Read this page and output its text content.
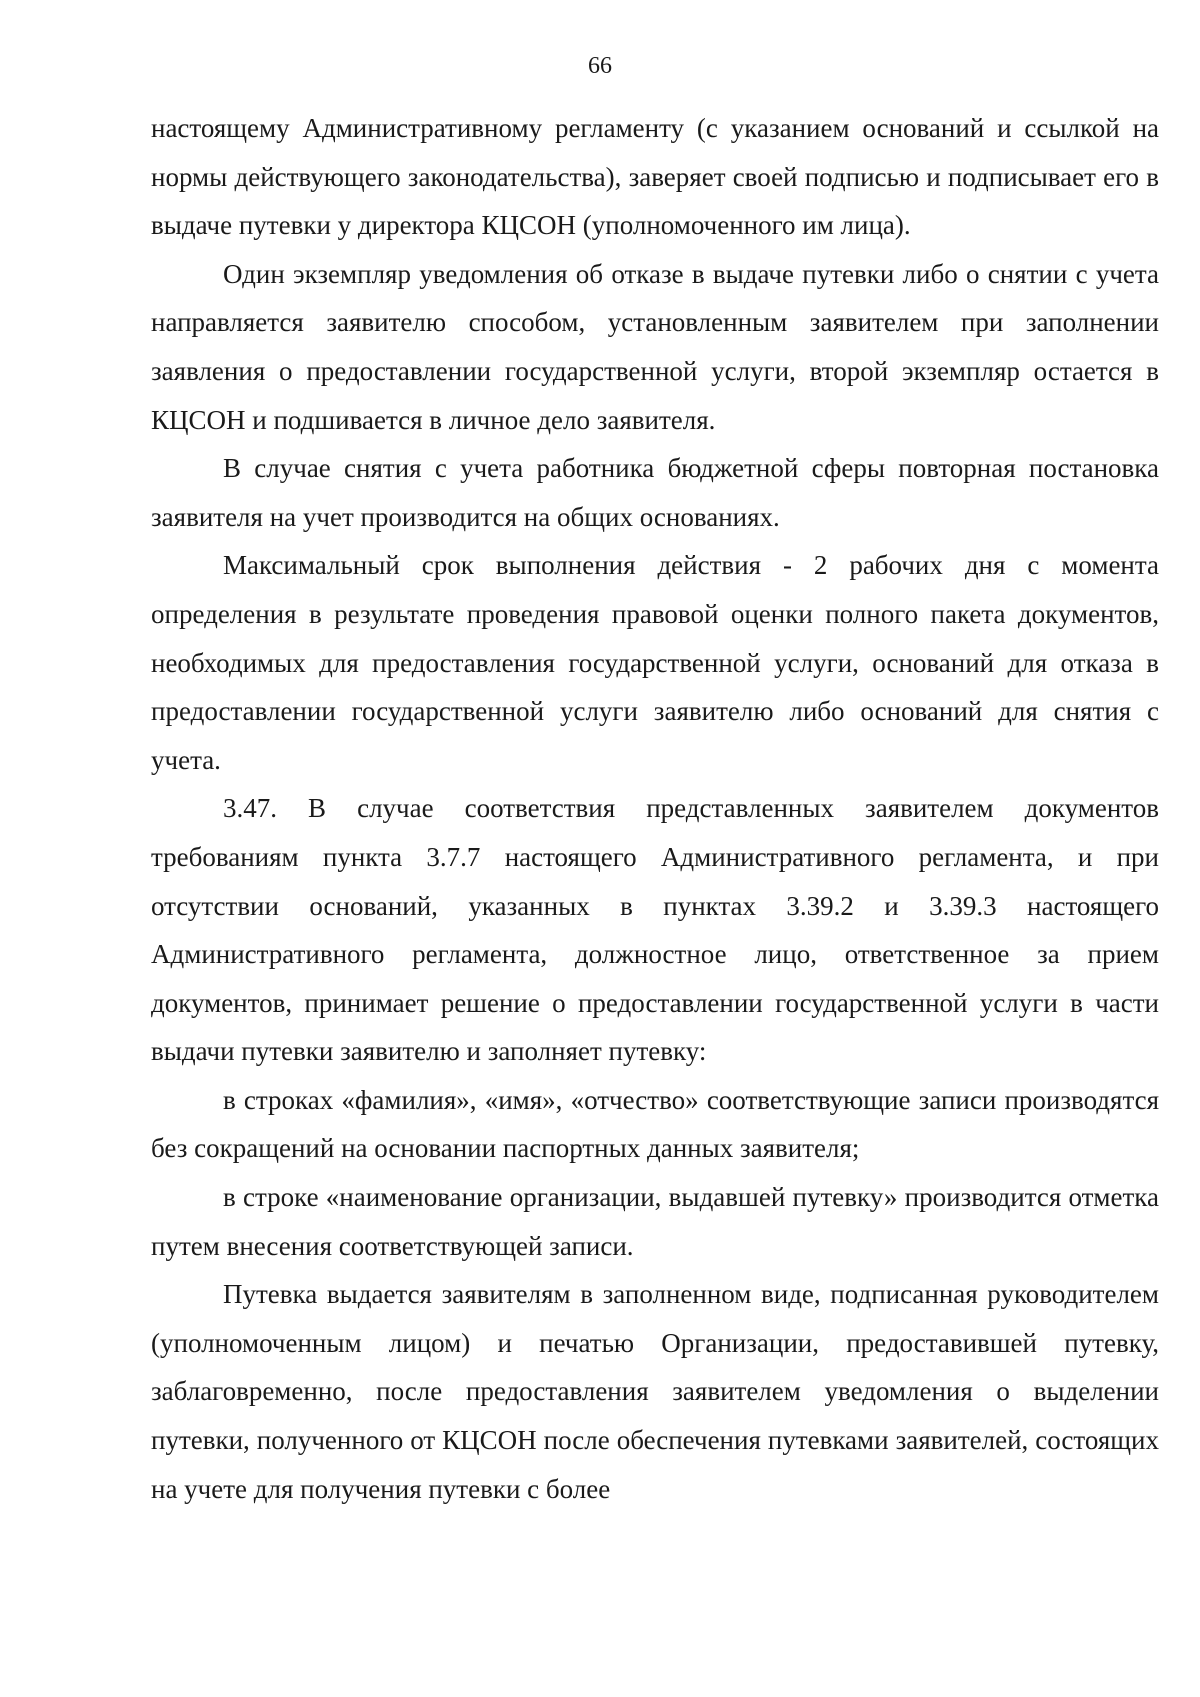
66

настоящему Административному регламенту (с указанием оснований и ссылкой на нормы действующего законодательства), заверяет своей подписью и подписывает его в выдаче путевки у директора КЦСОН (уполномоченного им лица).

Один экземпляр уведомления об отказе в выдаче путевки либо о снятии с учета направляется заявителю способом, установленным заявителем при заполнении заявления о предоставлении государственной услуги, второй экземпляр остается в КЦСОН и подшивается в личное дело заявителя.

В случае снятия с учета работника бюджетной сферы повторная постановка заявителя на учет производится на общих основаниях.

Максимальный срок выполнения действия - 2 рабочих дня с момента определения в результате проведения правовой оценки полного пакета документов, необходимых для предоставления государственной услуги, оснований для отказа в предоставлении государственной услуги заявителю либо оснований для снятия с учета.

3.47. В случае соответствия представленных заявителем документов требованиям пункта 3.7.7 настоящего Административного регламента, и при отсутствии оснований, указанных в пунктах 3.39.2 и 3.39.3 настоящего Административного регламента, должностное лицо, ответственное за прием документов, принимает решение о предоставлении государственной услуги в части выдачи путевки заявителю и заполняет путевку:

в строках «фамилия», «имя», «отчество» соответствующие записи производятся без сокращений на основании паспортных данных заявителя;

в строке «наименование организации, выдавшей путевку» производится отметка путем внесения соответствующей записи.

Путевка выдается заявителям в заполненном виде, подписанная руководителем (уполномоченным лицом) и печатью Организации, предоставившей путевку, заблаговременно, после предоставления заявителем уведомления о выделении путевки, полученного от КЦСОН после обеспечения путевками заявителей, состоящих на учете для получения путевки с более
